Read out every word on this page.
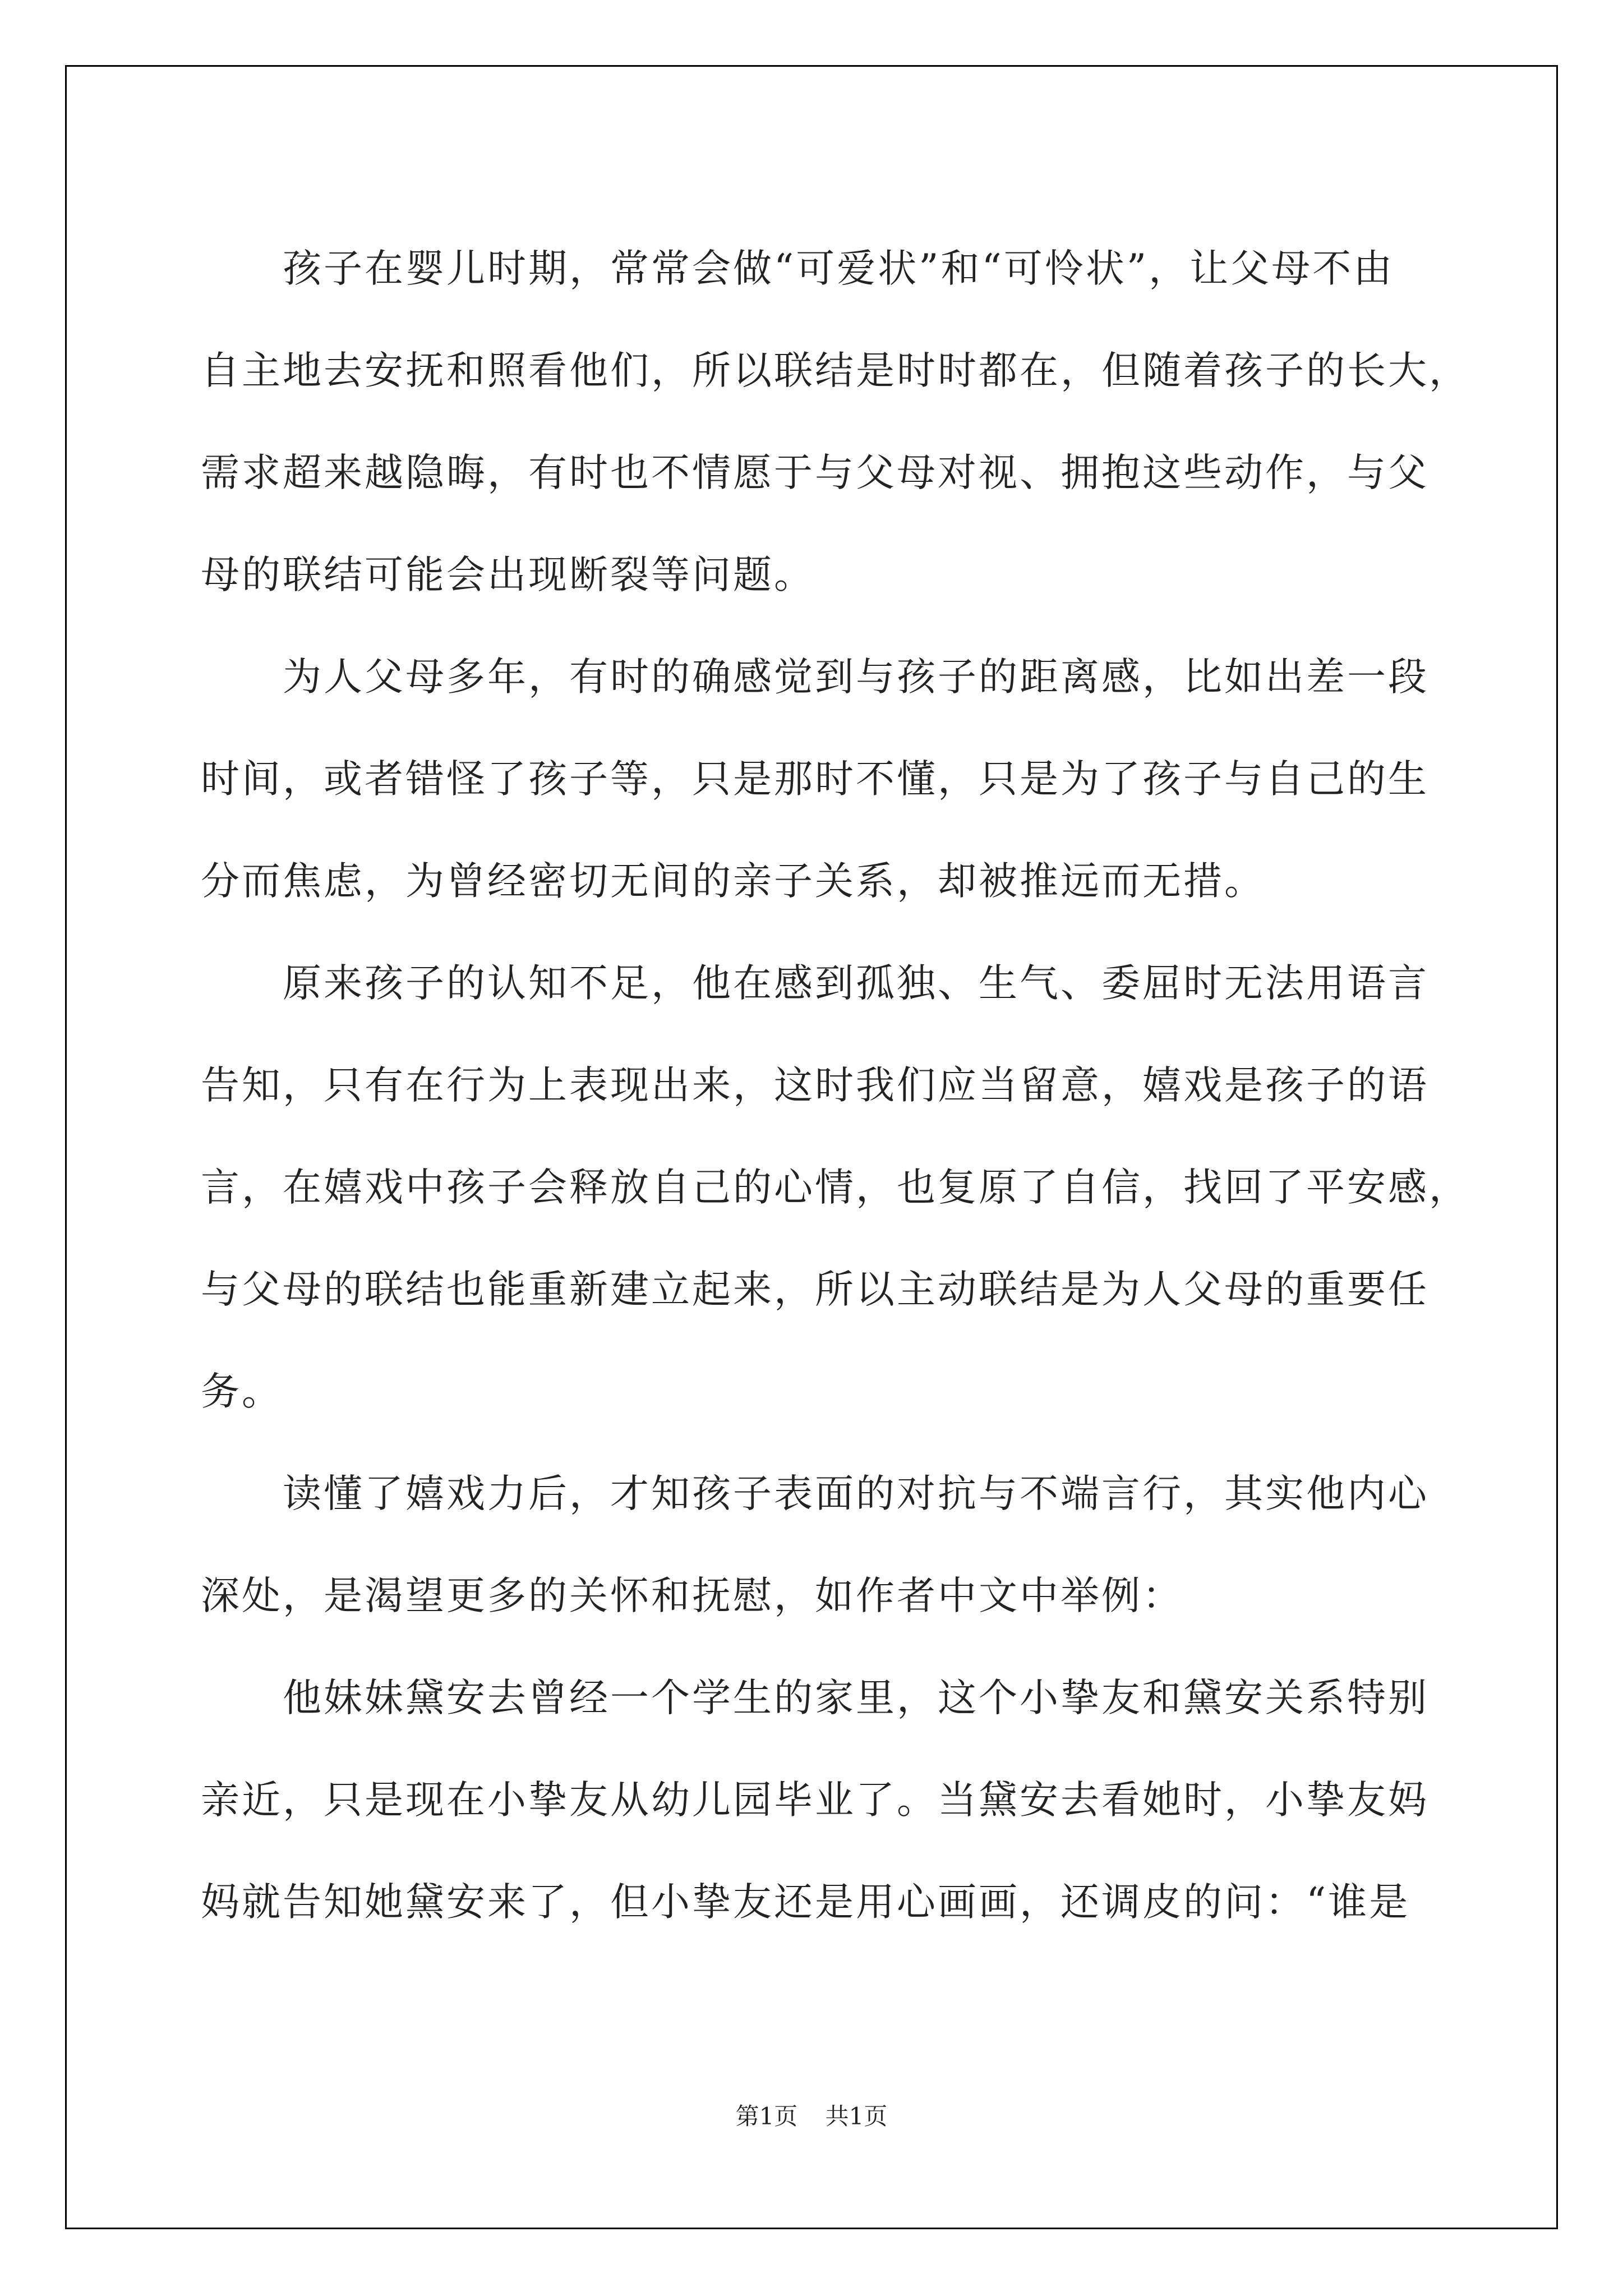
孩子在婴儿时期，常常会做“可爱状”和“可怜状”，让父母不由
自主地去安抚和照看他们，所以联结是时时都在，但随着孩子的长大，
需求超来越隐晦，有时也不情愿于与父母对视、拥抱这些动作，与父
母的联结可能会出现断裂等问题。

为人父母多年，有时的确感觉到与孩子的距离感，比如出差一段
时间，或者错怪了孩子等，只是那时不懂，只是为了孩子与自己的生
分而焦虑，为曾经密切无间的亲子关系，却被推远而无措。

原来孩子的认知不足，他在感到孤独、生气、委屈时无法用语言
告知，只有在行为上表现出来，这时我们应当留意，嬉戏是孩子的语
言，在嬉戏中孩子会释放自己的心情，也复原了自信，找回了平安感，
与父母的联结也能重新建立起来，所以主动联结是为人父母的重要任
务。

读懂了嬉戏力后，才知孩子表面的对抗与不端言行，其实他内心
深处，是渴望更多的关怀和抚慰，如作者中文中举例：

他妹妹黛安去曾经一个学生的家里，这个小挚友和黛安关系特别
亲近，只是现在小挚友从幼儿园毕业了。当黛安去看她时，小挚友妈
妈就告知她黛安来了，但小挚友还是用心画画，还调皮的问：“谁是

第1页 共1页
